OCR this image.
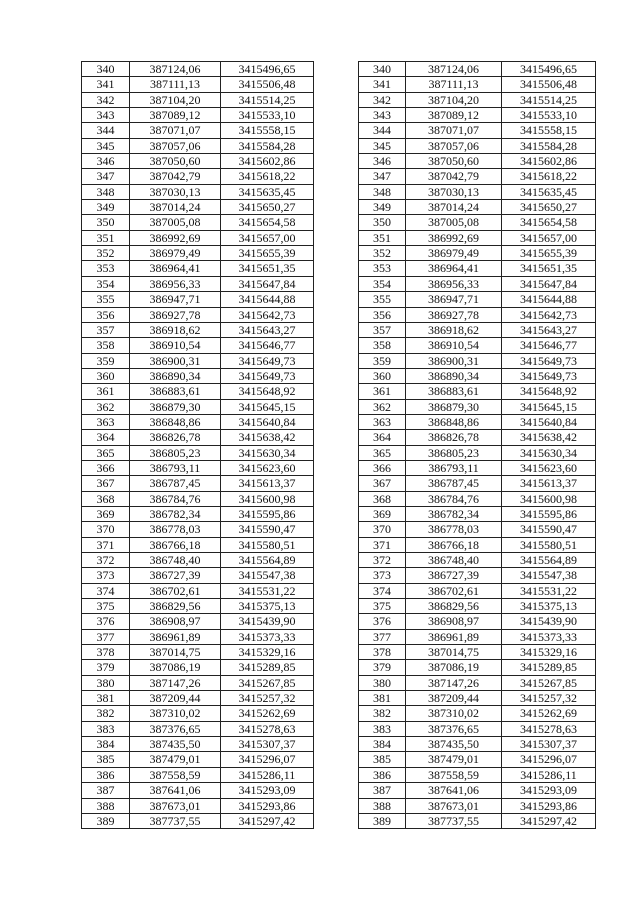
340	387124,06	3415496,65
341	387111,13	3415506,48
342	387104,20	3415514,25
343	387089,12	3415533,10
344	387071,07	3415558,15
345	387057,06	3415584,28
346	387050,60	3415602,86
347	387042,79	3415618,22
348	387030,13	3415635,45
349	387014,24	3415650,27
350	387005,08	3415654,58
351	386992,69	3415657,00
352	386979,49	3415655,39
353	386964,41	3415651,35
354	386956,33	3415647,84
355	386947,71	3415644,88
356	386927,78	3415642,73
357	386918,62	3415643,27
358	386910,54	3415646,77
359	386900,31	3415649,73
360	386890,34	3415649,73
361	386883,61	3415648,92
362	386879,30	3415645,15
363	386848,86	3415640,84
364	386826,78	3415638,42
365	386805,23	3415630,34
366	386793,11	3415623,60
367	386787,45	3415613,37
368	386784,76	3415600,98
369	386782,34	3415595,86
370	386778,03	3415590,47
371	386766,18	3415580,51
372	386748,40	3415564,89
373	386727,39	3415547,38
374	386702,61	3415531,22
375	386829,56	3415375,13
376	386908,97	3415439,90
377	386961,89	3415373,33
378	387014,75	3415329,16
379	387086,19	3415289,85
380	387147,26	3415267,85
381	387209,44	3415257,32
382	387310,02	3415262,69
383	387376,65	3415278,63
384	387435,50	3415307,37
385	387479,01	3415296,07
386	387558,59	3415286,11
387	387641,06	3415293,09
388	387673,01	3415293,86
389	387737,55	3415297,42
340	387124,06	3415496,65
341	387111,13	3415506,48
342	387104,20	3415514,25
343	387089,12	3415533,10
344	387071,07	3415558,15
345	387057,06	3415584,28
346	387050,60	3415602,86
347	387042,79	3415618,22
348	387030,13	3415635,45
349	387014,24	3415650,27
350	387005,08	3415654,58
351	386992,69	3415657,00
352	386979,49	3415655,39
353	386964,41	3415651,35
354	386956,33	3415647,84
355	386947,71	3415644,88
356	386927,78	3415642,73
357	386918,62	3415643,27
358	386910,54	3415646,77
359	386900,31	3415649,73
360	386890,34	3415649,73
361	386883,61	3415648,92
362	386879,30	3415645,15
363	386848,86	3415640,84
364	386826,78	3415638,42
365	386805,23	3415630,34
366	386793,11	3415623,60
367	386787,45	3415613,37
368	386784,76	3415600,98
369	386782,34	3415595,86
370	386778,03	3415590,47
371	386766,18	3415580,51
372	386748,40	3415564,89
373	386727,39	3415547,38
374	386702,61	3415531,22
375	386829,56	3415375,13
376	386908,97	3415439,90
377	386961,89	3415373,33
378	387014,75	3415329,16
379	387086,19	3415289,85
380	387147,26	3415267,85
381	387209,44	3415257,32
382	387310,02	3415262,69
383	387376,65	3415278,63
384	387435,50	3415307,37
385	387479,01	3415296,07
386	387558,59	3415286,11
387	387641,06	3415293,09
388	387673,01	3415293,86
389	387737,55	3415297,42
